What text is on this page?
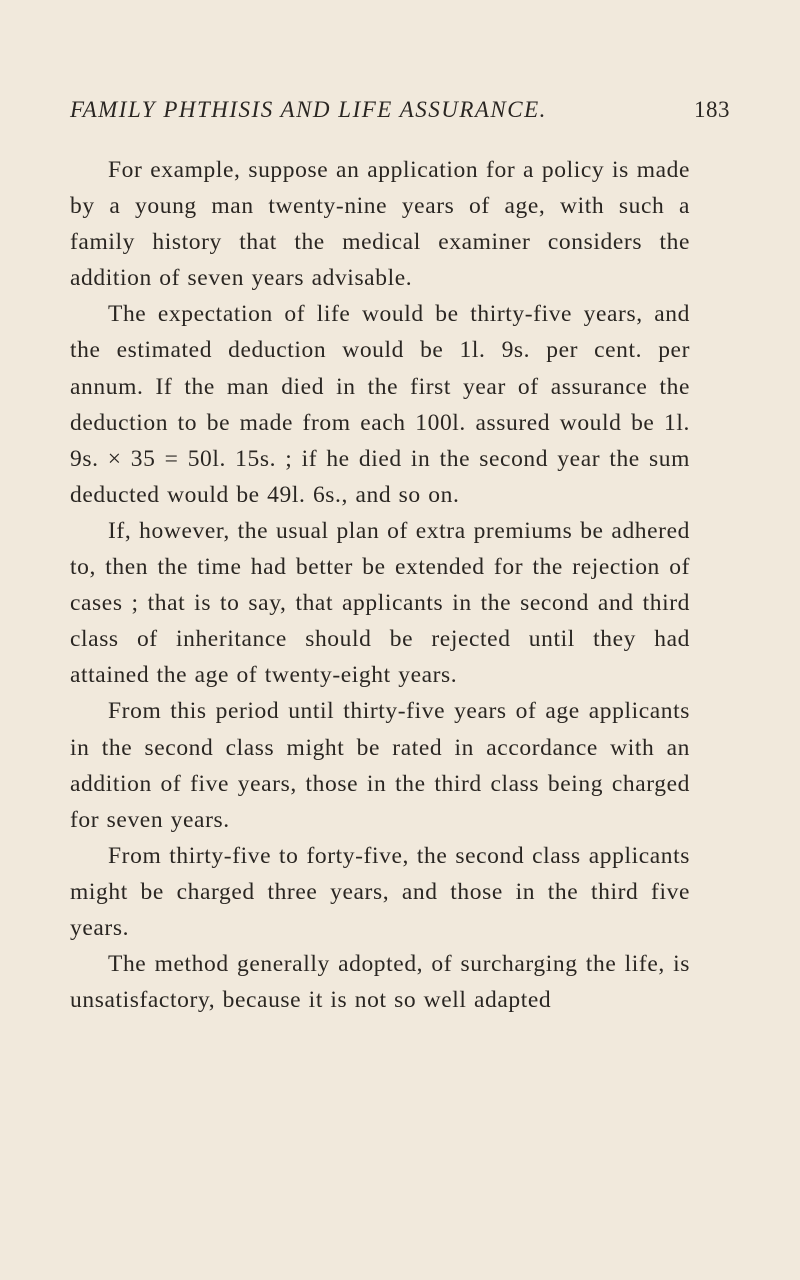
FAMILY PHTHISIS AND LIFE ASSURANCE.	183

For example, suppose an application for a policy is made by a young man twenty-nine years of age, with such a family history that the medical examiner considers the addition of seven years advisable.

The expectation of life would be thirty-five years, and the estimated deduction would be 1l. 9s. per cent. per annum. If the man died in the first year of assurance the deduction to be made from each 100l. assured would be 1l. 9s. × 35 = 50l. 15s. ; if he died in the second year the sum deducted would be 49l. 6s., and so on.

If, however, the usual plan of extra premiums be adhered to, then the time had better be extended for the rejection of cases ; that is to say, that applicants in the second and third class of inheritance should be rejected until they had attained the age of twenty-eight years.

From this period until thirty-five years of age applicants in the second class might be rated in accordance with an addition of five years, those in the third class being charged for seven years.

From thirty-five to forty-five, the second class applicants might be charged three years, and those in the third five years.

The method generally adopted, of surcharging the life, is unsatisfactory, because it is not so well adapted
